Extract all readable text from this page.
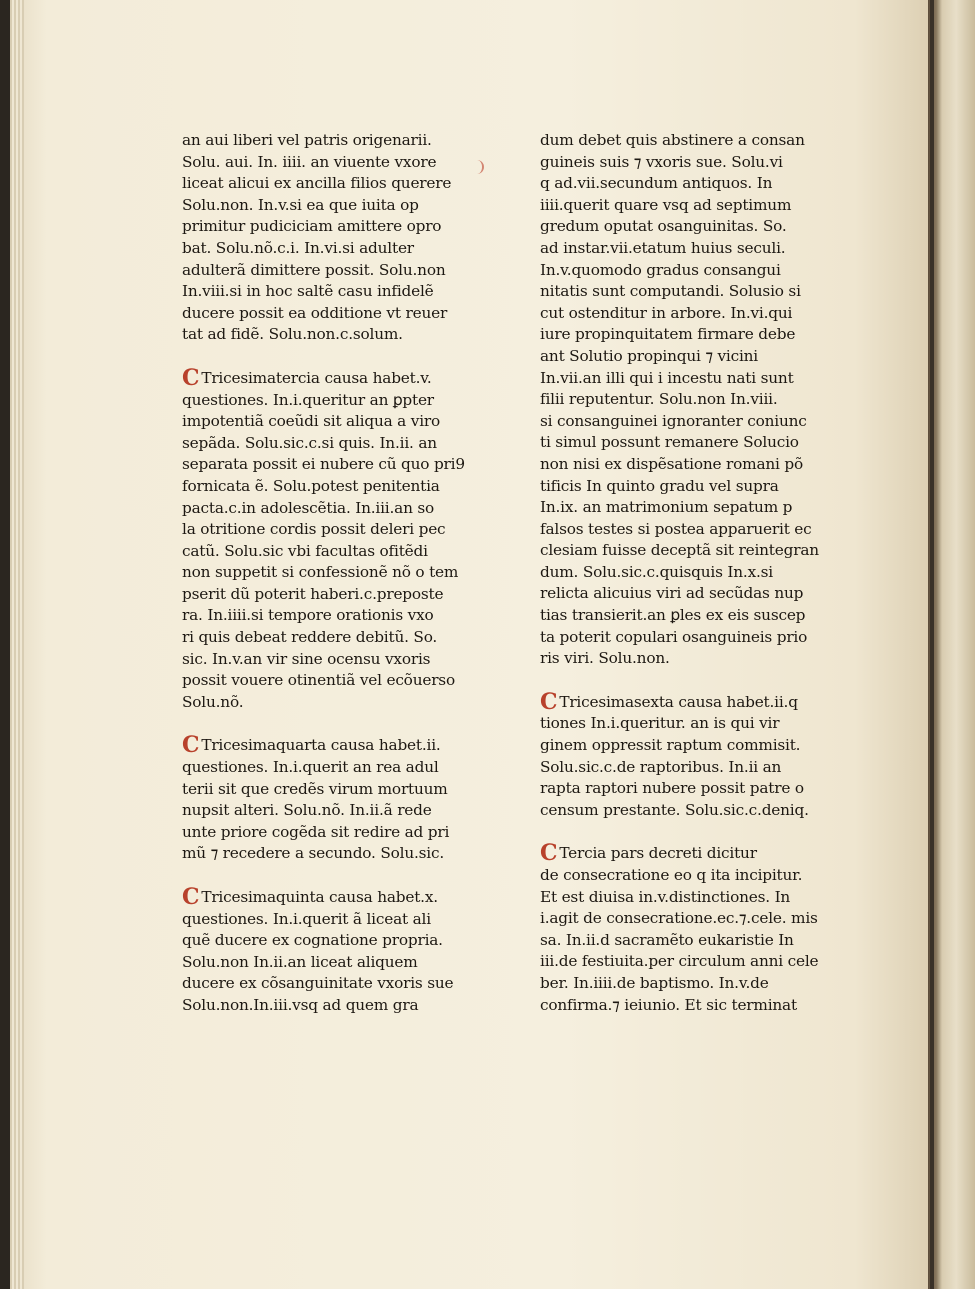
an aui liberi vel patris origenarii.
Solu. aui. In. iiii. an viuente vxore
liceat alicui ex ancilla filios querere
Solu.non. In.v.si ea que iuita op
primitur pudiciciam amittere opro
bat. Solu.nõ.c.i. In.vi.si adulter
adulterã dimittere possit. Solu.non
In.viii.si in hoc saltẽ casu infidelẽ
ducere possit ea odditione vt reuer
tat ad fidẽ. Solu.non.c.solum.
C Tricesimatercia causa habet.v.
questiones. In.i.queritur an ꝑpter
impotentiã coeũdi sit aliqua a viro
sepãda. Solu.sic.c.si quis. In.ii. an
separata possit ei nubere cũ quo pri9
fornicata ẽ. Solu.potest penitentia
pacta.c.in adolescẽtia. In.iii.an so
la otritione cordis possit deleri pec
catũ. Solu.sic vbi facultas ofitẽdi
non suppetit si confessionẽ nõ o tem
pserit dũ poterit haberi.c.preposte
ra. In.iiii.si tempore orationis vxo
ri quis debeat reddere debitũ. So.
sic. In.v.an vir sine ocensu vxoris
possit vouere otinentiã vel ecõuerso
Solu.nõ.
C Tricesimaquarta causa habet.ii.
questiones. In.i.querit an rea adul
terii sit que credẽs virum mortuum
nupsit alteri. Solu.nõ. In.ii.ã rede
unte priore cogẽda sit redire ad pri
mũ ⁊ recedere a secundo. Solu.sic.
C Tricesimaquinta causa habet.x.
questiones. In.i.querit ã liceat ali
quẽ ducere ex cognatione propria.
Solu.non In.ii.an liceat aliquem
ducere ex cõsanguinitate vxoris sue
Solu.non.In.iii.vsq ad quem gra
dum debet quis abstinere a consan
guineis suis ⁊ vxoris sue. Solu.vi
q ad.vii.secundum antiquos. In
iiii.querit quare vsq ad septimum
gredum oputat osanguinitas. So.
ad instar.vii.etatum huius seculi.
In.v.quomodo gradus consangui
nitatis sunt computandi. Solusio si
cut ostenditur in arbore. In.vi.qui
iure propinquitatem firmare debe
ant Solutio propinqui ⁊ vicini
In.vii.an illi qui i incestu nati sunt
filii reputentur. Solu.non In.viii.
si consanguinei ignoranter coniunc
ti simul possunt remanere Solucio
non nisi ex dispẽsatione romani põ
tificis In quinto gradu vel supra
In.ix. an matrimonium sepatum p
falsos testes si postea apparuerit ec
clesiam fuisse deceptã sit reintegran
dum. Solu.sic.c.quisquis In.x.si
relicta alicuius viri ad secũdas nup
tias transierit.an ꝑles ex eis suscep
ta poterit copulari osanguineis prio
ris viri. Solu.non.
C Tricesimasexta causa habet.ii.q
tiones In.i.queritur. an is qui vir
ginem oppressit raptum commisit.
Solu.sic.c.de raptoribus. In.ii an
rapta raptori nubere possit patre o
censum prestante. Solu.sic.c.deniq.
C Tercia pars decreti dicitur
de consecratione eo q ita incipitur.
Et est diuisa in.v.distinctiones. In
i.agit de consecratione.ec.⁊.cele. mis
sa. In.ii.d sacramẽto eukaristie In
iii.de festiuita.per circulum anni cele
ber. In.iiii.de baptismo. In.v.de
confirma.⁊ ieiunio. Et sic terminat
